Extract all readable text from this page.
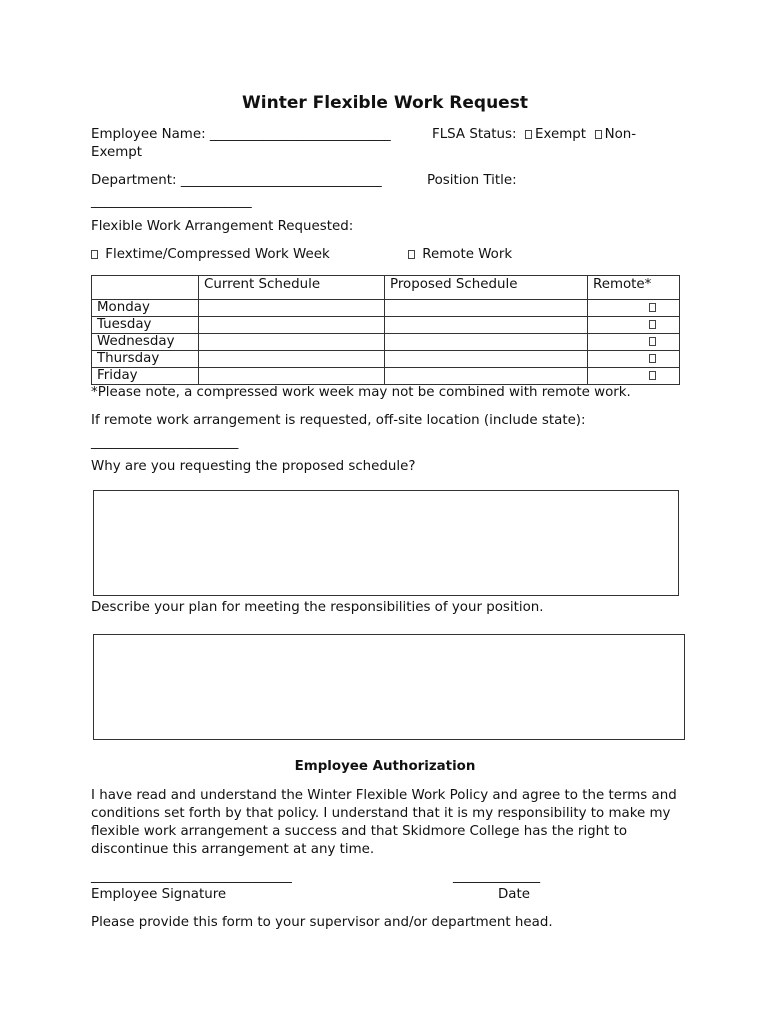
Winter Flexible Work Request
Employee Name: ___________________________	FLSA Status: Exempt Non-
Exempt
Department: ______________________________	Position Title:
________________________
Flexible Work Arrangement Requested:
Flextime/Compressed Work Week	Remote Work
	Current Schedule	Proposed Schedule	Remote*
Monday			
Tuesday			
Wednesday			
Thursday			
Friday			
*Please note, a compressed work week may not be combined with remote work.
If remote work arrangement is requested, off-site location (include state):
______________________
Why are you requesting the proposed schedule?
Describe your plan for meeting the responsibilities of your position.
Employee Authorization
I have read and understand the Winter Flexible Work Policy and agree to the terms and conditions set forth by that policy. I understand that it is my responsibility to make my flexible work arrangement a success and that Skidmore College has the right to discontinue this arrangement at any time.
______________________________
Employee Signature
_____________
Date
Please provide this form to your supervisor and/or department head.
